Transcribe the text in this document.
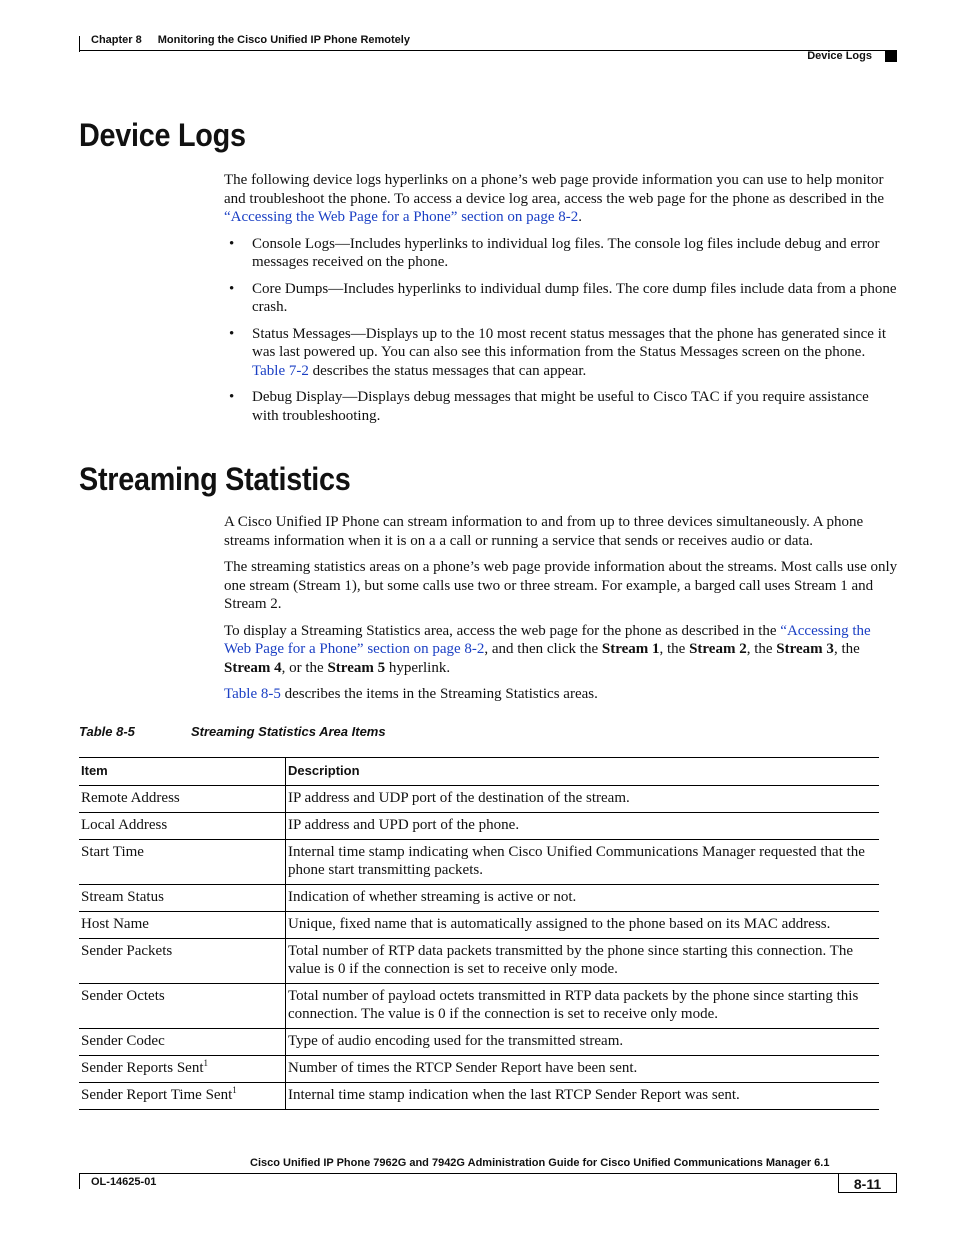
Chapter 8 Monitoring the Cisco Unified IP Phone Remotely
Device Logs
Device Logs

The following device logs hyperlinks on a phone’s web page provide information you can use to help monitor and troubleshoot the phone. To access a device log area, access the web page for the phone as described in the “Accessing the Web Page for a Phone” section on page 8-2.

• Console Logs—Includes hyperlinks to individual log files. The console log files include debug and error messages received on the phone.
• Core Dumps—Includes hyperlinks to individual dump files. The core dump files include data from a phone crash.
• Status Messages—Displays up to the 10 most recent status messages that the phone has generated since it was last powered up. You can also see this information from the Status Messages screen on the phone. Table 7-2 describes the status messages that can appear.
• Debug Display—Displays debug messages that might be useful to Cisco TAC if you require assistance with troubleshooting.
Streaming Statistics

A Cisco Unified IP Phone can stream information to and from up to three devices simultaneously. A phone streams information when it is on a a call or running a service that sends or receives audio or data.

The streaming statistics areas on a phone’s web page provide information about the streams. Most calls use only one stream (Stream 1), but some calls use two or three stream. For example, a barged call uses Stream 1 and Stream 2.

To display a Streaming Statistics area, access the web page for the phone as described in the “Accessing the Web Page for a Phone” section on page 8-2, and then click the Stream 1, the Stream 2, the Stream 3, the Stream 4, or the Stream 5 hyperlink.

Table 8-5 describes the items in the Streaming Statistics areas.

Table 8-5	Streaming Statistics Area Items
Item	Description
Remote Address	IP address and UDP port of the destination of the stream.
Local Address	IP address and UPD port of the phone.
Start Time	Internal time stamp indicating when Cisco Unified Communications Manager requested that the phone start transmitting packets.
Stream Status	Indication of whether streaming is active or not.
Host Name	Unique, fixed name that is automatically assigned to the phone based on its MAC address.
Sender Packets	Total number of RTP data packets transmitted by the phone since starting this connection. The value is 0 if the connection is set to receive only mode.
Sender Octets	Total number of payload octets transmitted in RTP data packets by the phone since starting this connection. The value is 0 if the connection is set to receive only mode.
Sender Codec	Type of audio encoding used for the transmitted stream.
Sender Reports Sent$^1$	Number of times the RTCP Sender Report have been sent.
Sender Report Time Sent$^1$	Internal time stamp indication when the last RTCP Sender Report was sent.
Cisco Unified IP Phone 7962G and 7942G Administration Guide for Cisco Unified Communications Manager 6.1
OL-14625-01	8-11
